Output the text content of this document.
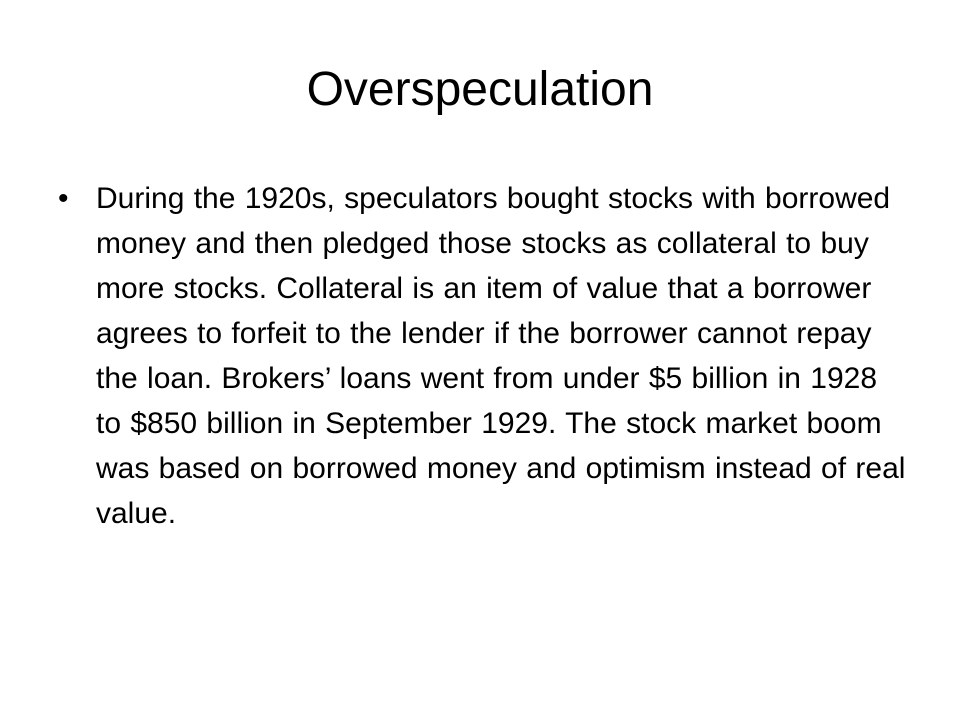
Overspeculation
• During the 1920s, speculators bought stocks with borrowed money and then pledged those stocks as collateral to buy more stocks. Collateral is an item of value that a borrower agrees to forfeit to the lender if the borrower cannot repay the loan. Brokers’ loans went from under $5 billion in 1928 to $850 billion in September 1929. The stock market boom was based on borrowed money and optimism instead of real value.
